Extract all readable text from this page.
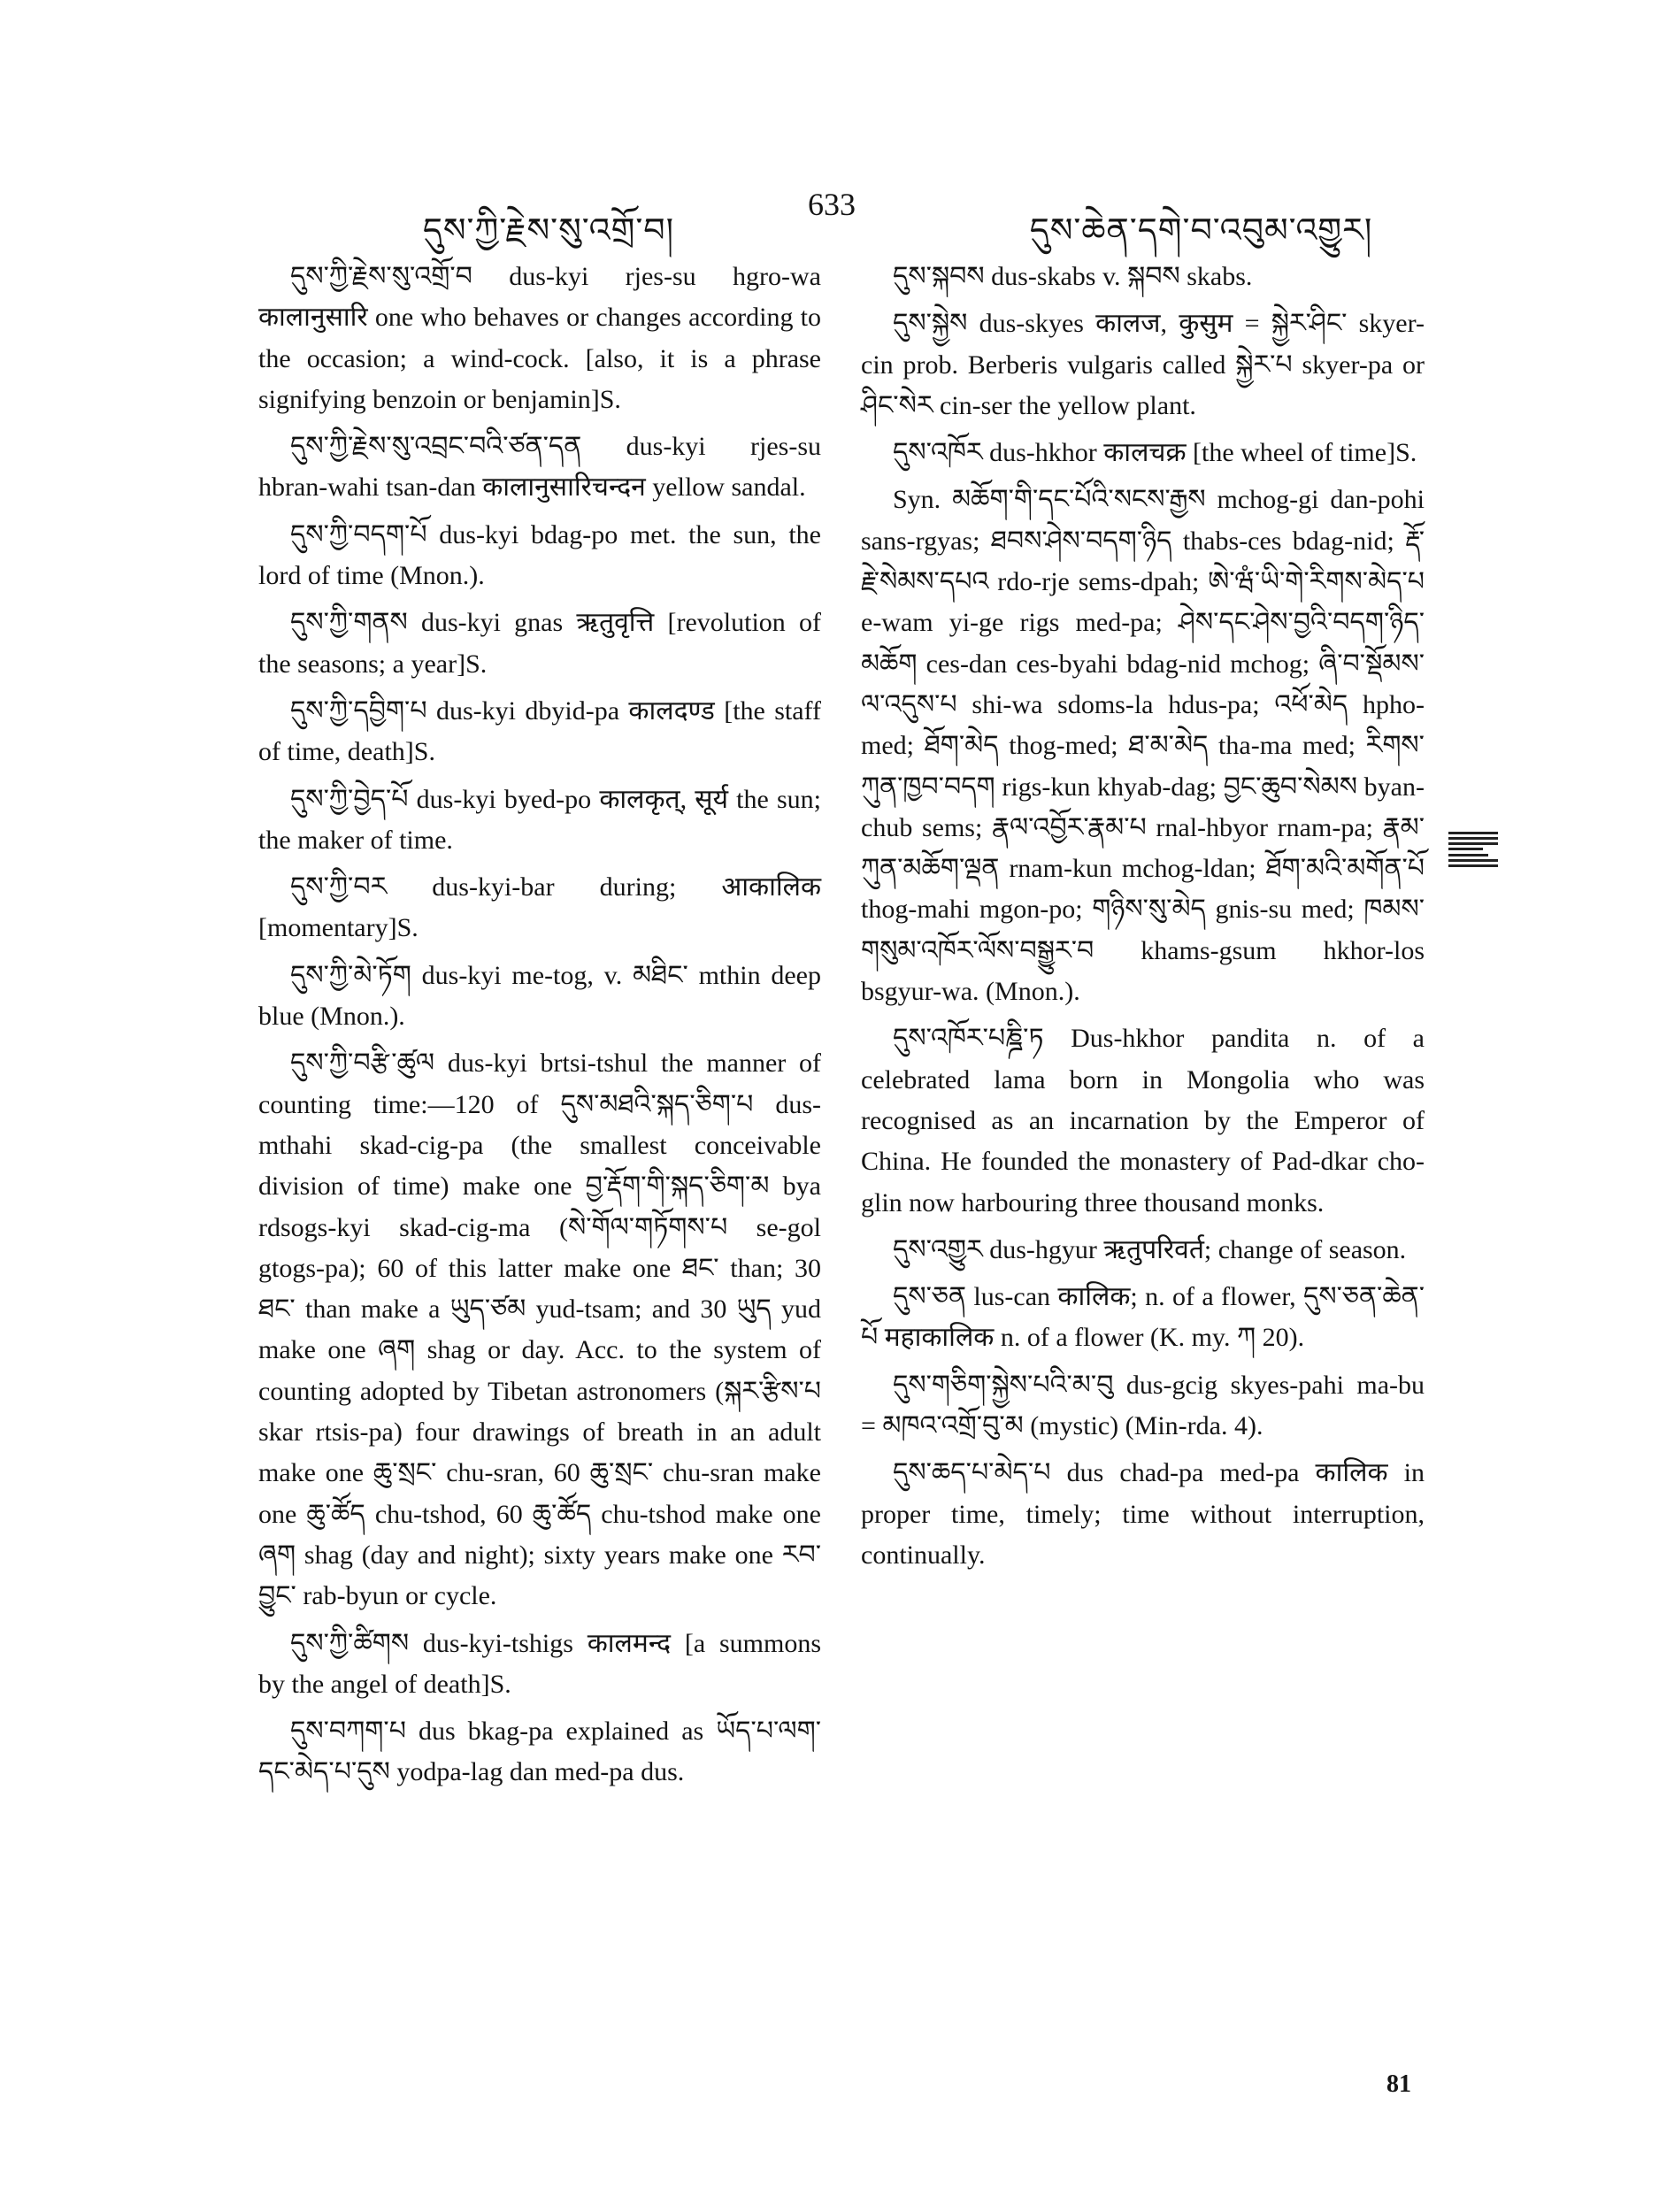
དུས་ཀྱི་རྗེས་སུ་འགྲོ་བ།
633
དུས་ཆེན་དགེ་བ་འབུམ་འགྱུར།

དུས་ཀྱི་རྗེས་སུ་འགྲོ་བ dus-kyi rjes-su hgro-wa कालानुसारि one who behaves or changes according to the occasion; a wind-cock. [also, it is a phrase signifying benzoin or benjamin]S.

དུས་ཀྱི་རྗེས་སུ་འབྲང་བའི་ཙན་དན dus-kyi rjes-su hbran-wahi tsan-dan कालानुसारिचन्दन yellow sandal.

དུས་ཀྱི་བདག་པོ dus-kyi bdag-po met. the sun, the lord of time (Mnon.).

དུས་ཀྱི་གནས dus-kyi gnas ऋतुवृत्ति [revolution of the seasons; a year]S.

དུས་ཀྱི་དབྱིག་པ dus-kyi dbyid-pa कालदण्ड [the staff of time, death]S.

དུས་ཀྱི་བྱེད་པོ dus-kyi byed-po कालकृत्, सूर्य the sun; the maker of time.

དུས་ཀྱི་བར dus-kyi-bar during; आकालिक [momentary]S.

དུས་ཀྱི་མེ་ཏོག dus-kyi me-tog, v. མཐིང་ mthin deep blue (Mnon.).

དུས་ཀྱི་བརྩི་ཚུལ dus-kyi brtsi-tshul the manner of counting time:—120 of དུས་མཐའི་སྐད་ཅིག་པ dus-mthahi skad-cig-pa (the smallest conceivable division of time) make one བྱ་རྡོག་གི་སྐད་ཅིག་མ bya rdsogs-kyi skad-cig-ma (སེ་གོལ་གཏོགས་པ se-gol gtogs-pa); 60 of this latter make one ཐང་ than; 30 ཐང་ than make a ཡུད་ཙམ yud-tsam; and 30 ཡུད yud make one ཞག shag or day. Acc. to the system of counting adopted by Tibetan astronomers (སྐར་རྩིས་པ skar rtsis-pa) four drawings of breath in an adult make one ཆུ་སྲང་ chu-sran, 60 ཆུ་སྲང་ chu-sran make one ཆུ་ཚོད chu-tshod, 60 ཆུ་ཚོད chu-tshod make one ཞག shag (day and night); sixty years make one རབ་བྱུང་ rab-byun or cycle.

དུས་ཀྱི་ཚིགས dus-kyi-tshigs कालमन्द [a summons by the angel of death]S.

དུས་བཀག་པ dus bkag-pa explained as ཡོད་པ་ལག་དང་མེད་པ་དུས yodpa-lag dan med-pa dus.

དུས་སྐབས dus-skabs v. སྐབས skabs.

དུས་སྐྱེས dus-skyes कालज, कुसुम = སྐྱེར་ཤིང་ skyer-cin prob. Berberis vulgaris called སྐྱེར་པ skyer-pa or ཤིང་སེར cin-ser the yellow plant.

དུས་འཁོར dus-hkhor कालचक्र [the wheel of time]S.

Syn. མཆོག་གི་དང་པོའི་སངས་རྒྱས mchog-gi dan-pohi sans-rgyas; ཐབས་ཤེས་བདག་ཉིད thabs-ces bdag-nid; རྡོ་རྗེ་སེམས་དཔའ rdo-rje sems-dpah; ཨེ་ཝཾ་ཡི་གེ་རིགས་མེད་པ e-wam yi-ge rigs med-pa; ཤེས་དང་ཤེས་བྱའི་བདག་ཉིད་མཆོག ces-dan ces-byahi bdag-nid mchog; ཞི་བ་སྡོམས་ལ་འདུས་པ shi-wa sdoms-la hdus-pa; འཕོ་མེད hpho-med; ཐོག་མེད thog-med; ཐ་མ་མེད tha-ma med; རིགས་ཀུན་ཁྱབ་བདག rigs-kun khyab-dag; བྱང་ཆུབ་སེམས byan-chub sems; རྣལ་འབྱོར་རྣམ་པ rnal-hbyor rnam-pa; རྣམ་ཀུན་མཆོག་ལྡན rnam-kun mchog-ldan; ཐོག་མའི་མགོན་པོ thog-mahi mgon-po; གཉིས་སུ་མེད gnis-su med; ཁམས་གསུམ་འཁོར་ལོས་བསྒྱུར་བ khams-gsum hkhor-los bsgyur-wa. (Mnon.).

དུས་འཁོར་པཎྜི་ཏ Dus-hkhor pandita n. of a celebrated lama born in Mongolia who was recognised as an incarnation by the Emperor of China. He founded the monastery of Pad-dkar cho-glin now harbouring three thousand monks.

དུས་འགྱུར dus-hgyur ऋतुपरिवर्त; change of season.

དུས་ཅན lus-can कालिक; n. of a flower, དུས་ཅན་ཆེན་པོ महाकालिक n. of a flower (K. my. ཀ 20).

དུས་གཅིག་སྐྱེས་པའི་མ་བུ dus-gcig skyes-pahi ma-bu = མཁའ་འགྲོ་བུ་མ (mystic) (Min-rda. 4).

དུས་ཆད་པ་མེད་པ dus chad-pa med-pa कालिक in proper time, timely; time without interruption, continually.

81
